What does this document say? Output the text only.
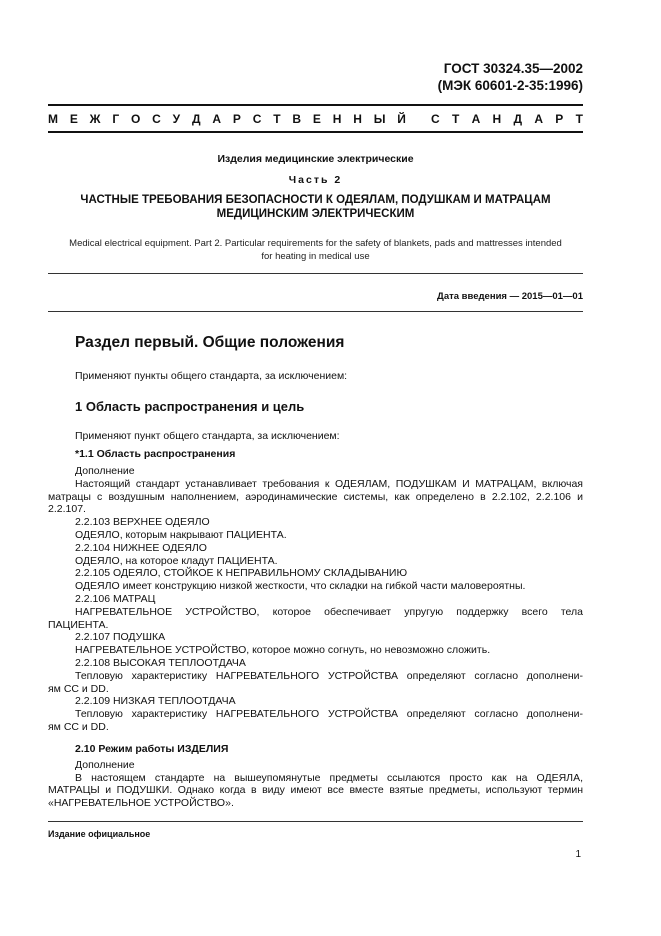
ГОСТ 30324.35—2002
(МЭК 60601-2-35:1996)
М Е Ж Г О С У Д А Р С Т В Е Н Н Ы Й С Т А Н Д А Р Т
Изделия медицинские электрические
Часть 2
ЧАСТНЫЕ ТРЕБОВАНИЯ БЕЗОПАСНОСТИ К ОДЕЯЛАМ, ПОДУШКАМ И МАТРАЦАМ
МЕДИЦИНСКИМ ЭЛЕКТРИЧЕСКИМ
Medical electrical equipment. Part 2. Particular requirements for the safety of blankets, pads and mattresses intended
for heating in medical use
Дата введения — 2015—01—01
Раздел первый. Общие положения
Применяют пункты общего стандарта, за исключением:
1 Область распространения и цель
Применяют пункт общего стандарта, за исключением:
*1.1 Область распространения
Дополнение
Настоящий стандарт устанавливает требования к ОДЕЯЛАМ, ПОДУШКАМ И МАТРАЦАМ, включая
матрацы с воздушным наполнением, аэродинамические системы, как определено в 2.2.102, 2.2.106 и
2.2.107.
2.2.103 ВЕРХНЕЕ ОДЕЯЛО
ОДЕЯЛО, которым накрывают ПАЦИЕНТА.
2.2.104 НИЖНЕЕ ОДЕЯЛО
ОДЕЯЛО, на которое кладут ПАЦИЕНТА.
2.2.105 ОДЕЯЛО, СТОЙКОЕ К НЕПРАВИЛЬНОМУ СКЛАДЫВАНИЮ
ОДЕЯЛО имеет конструкцию низкой жесткости, что складки на гибкой части маловероятны.
2.2.106 МАТРАЦ
НАГРЕВАТЕЛЬНОЕ УСТРОЙСТВО, которое обеспечивает упругую поддержку всего тела
ПАЦИЕНТА.
2.2.107 ПОДУШКА
НАГРЕВАТЕЛЬНОЕ УСТРОЙСТВО, которое можно согнуть, но невозможно сложить.
2.2.108 ВЫСОКАЯ ТЕПЛООТДАЧА
Тепловую характеристику НАГРЕВАТЕЛЬНОГО УСТРОЙСТВА определяют согласно дополнени-
ям СС и DD.
2.2.109 НИЗКАЯ ТЕПЛООТДАЧА
Тепловую характеристику НАГРЕВАТЕЛЬНОГО УСТРОЙСТВА определяют согласно дополнени-
ям СС и DD.
2.10 Режим работы ИЗДЕЛИЯ
Дополнение
В настоящем стандарте на вышеупомянутые предметы ссылаются просто как на ОДЕЯЛА,
МАТРАЦЫ и ПОДУШКИ. Однако когда в виду имеют все вместе взятые предметы, используют термин
«НАГРЕВАТЕЛЬНОЕ УСТРОЙСТВО».
Издание официальное
1
